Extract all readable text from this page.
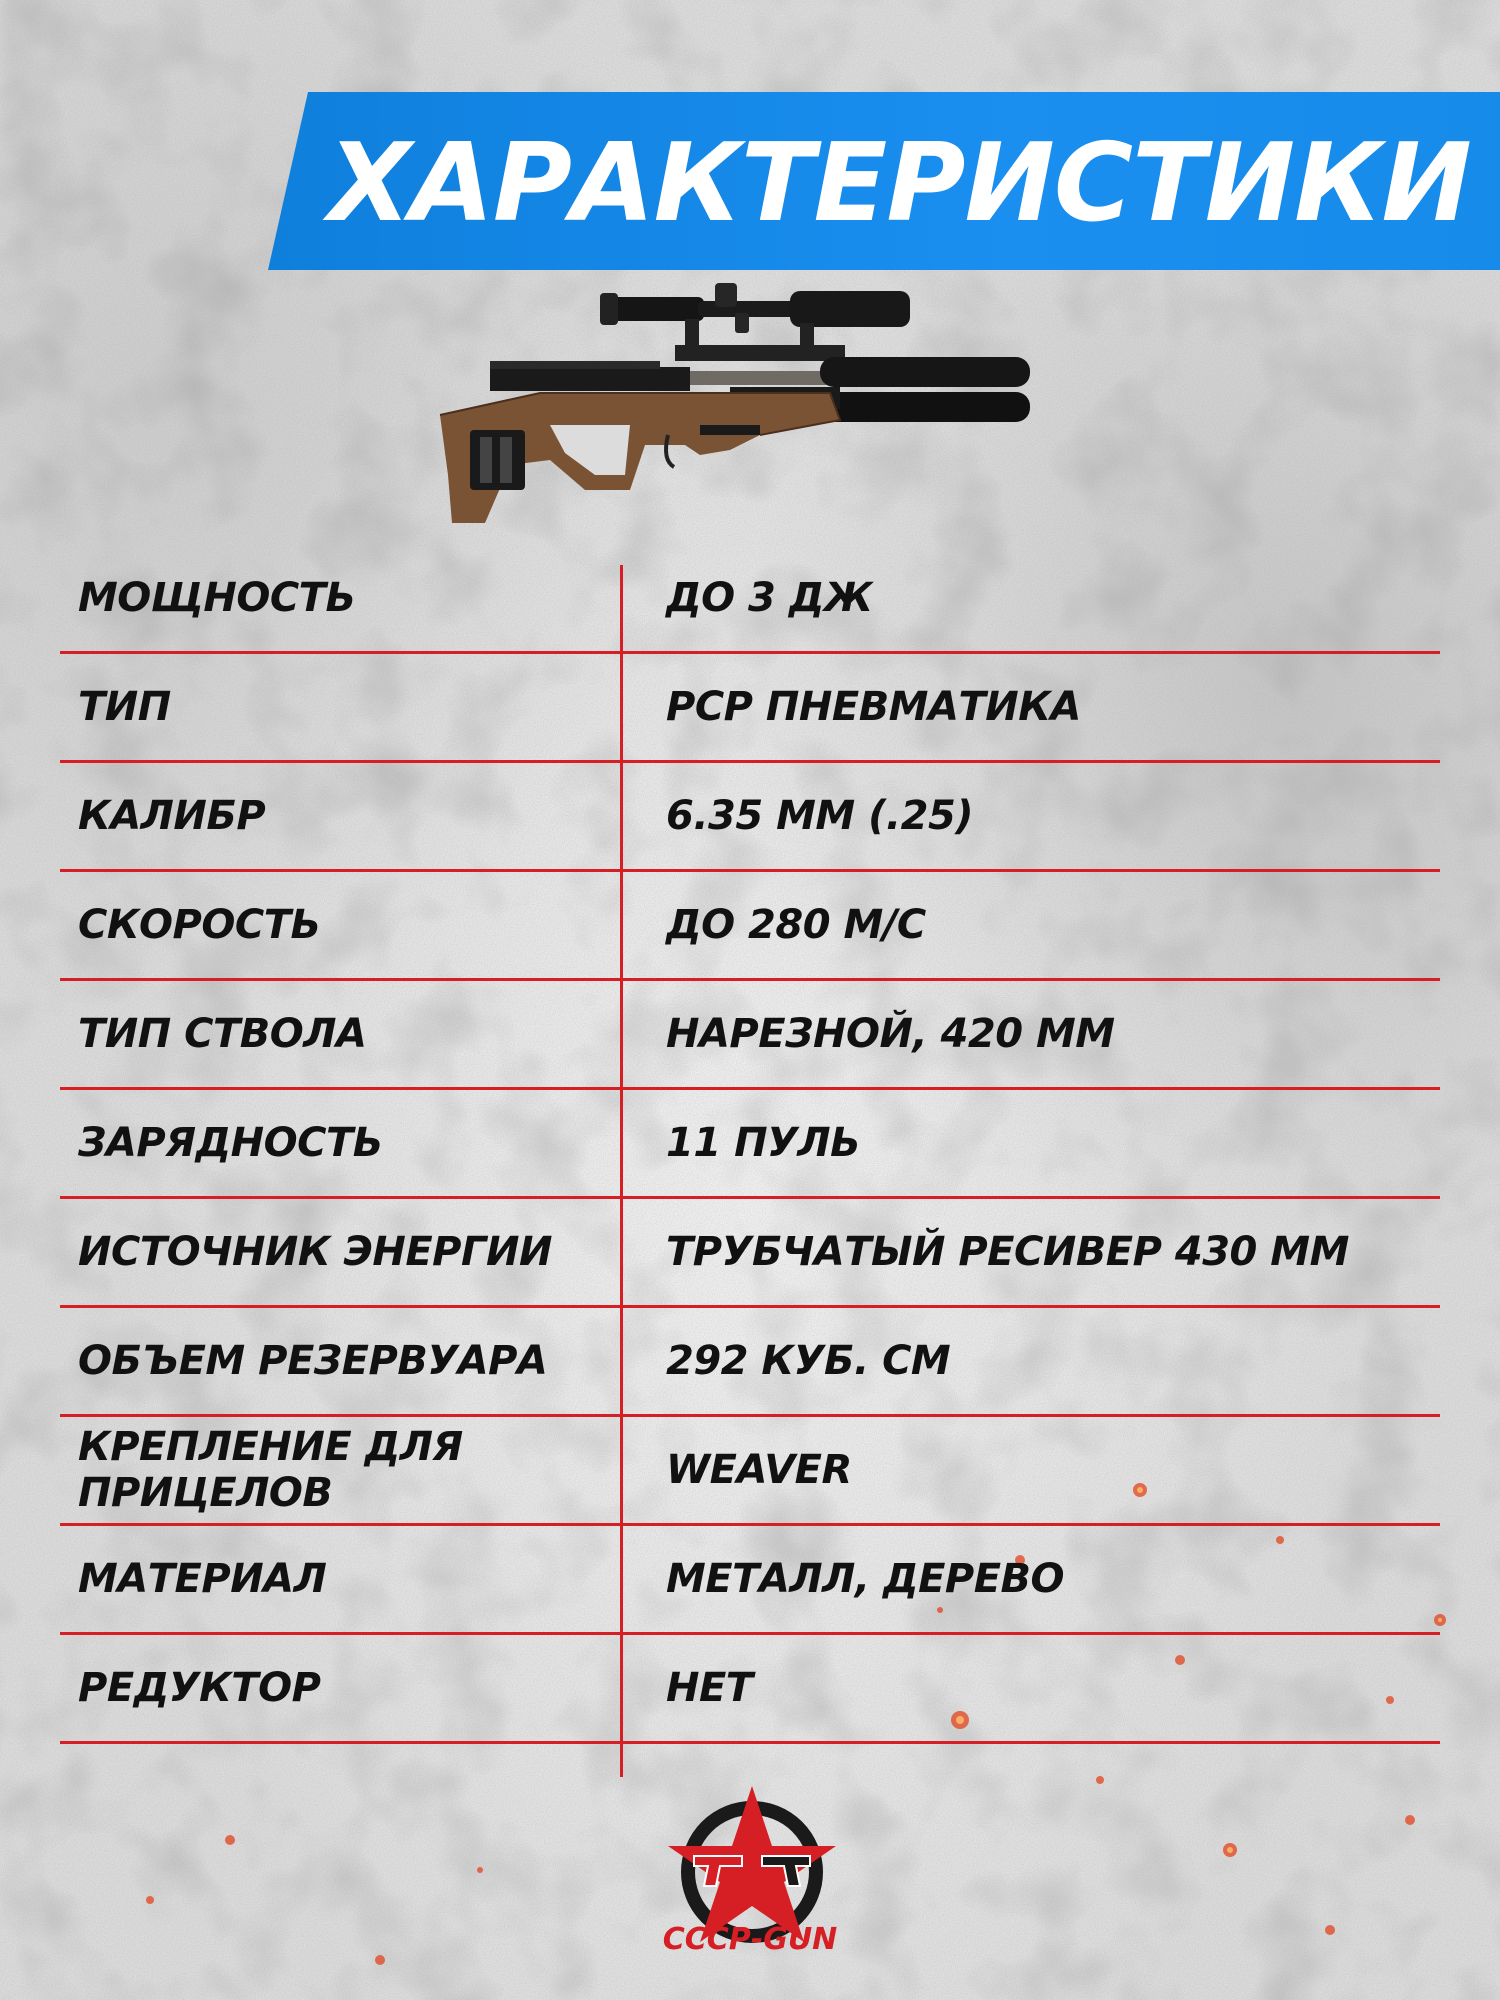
ХАРАКТЕРИСТИКИ
МОЩНОСТЬ	ДО 3 ДЖ
ТИП	PCP ПНЕВМАТИКА
КАЛИБР	6.35 ММ (.25)
СКОРОСТЬ	ДО 280 М/С
ТИП СТВОЛА	НАРЕЗНОЙ, 420 ММ
ЗАРЯДНОСТЬ	11 ПУЛЬ
ИСТОЧНИК ЭНЕРГИИ	ТРУБЧАТЫЙ РЕСИВЕР 430 ММ
ОБЪЕМ РЕЗЕРВУАРА	292 КУБ. СМ
КРЕПЛЕНИЕ ДЛЯ ПРИЦЕЛОВ	WEAVER
МАТЕРИАЛ	МЕТАЛЛ, ДЕРЕВО
РЕДУКТОР	НЕТ
СССР-GUN
